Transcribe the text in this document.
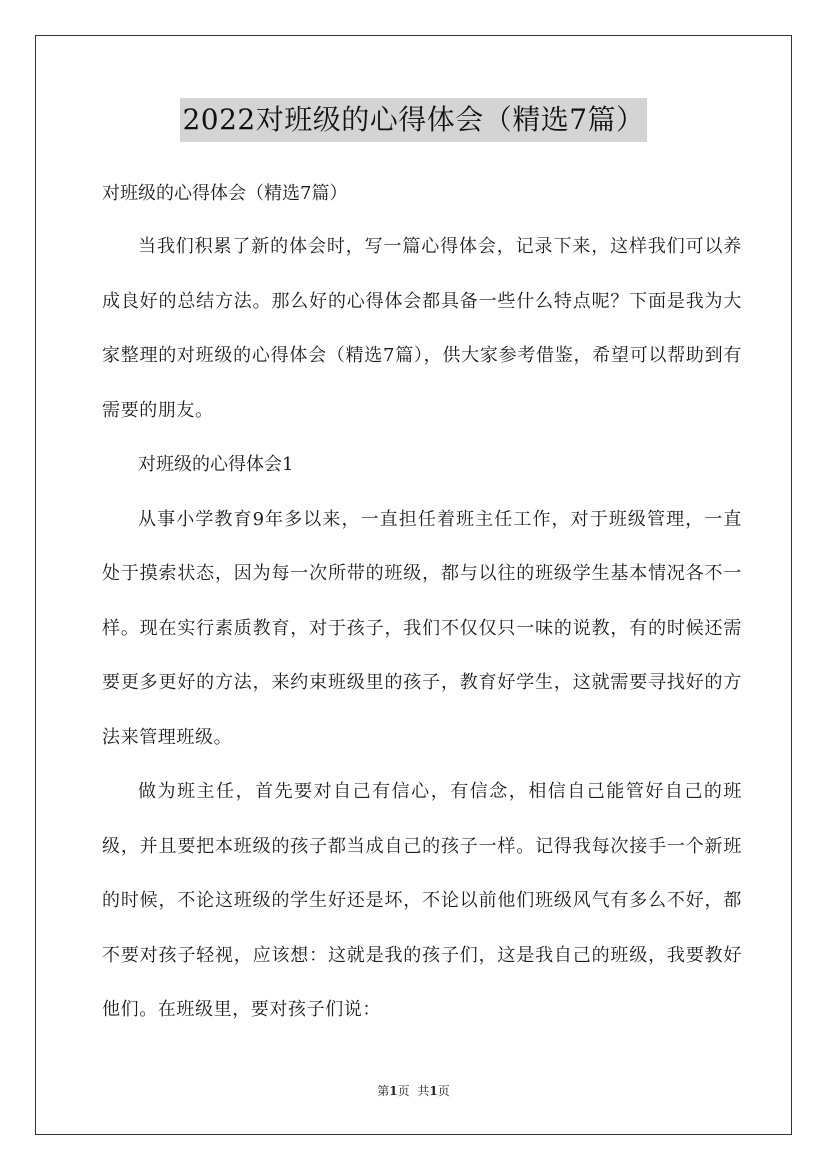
2022对班级的心得体会（精选7篇）

对班级的心得体会（精选7篇）

当我们积累了新的体会时，写一篇心得体会，记录下来，这样我们可以养成良好的总结方法。那么好的心得体会都具备一些什么特点呢？下面是我为大家整理的对班级的心得体会（精选7篇），供大家参考借鉴，希望可以帮助到有需要的朋友。

对班级的心得体会1

从事小学教育9年多以来，一直担任着班主任工作，对于班级管理，一直处于摸索状态，因为每一次所带的班级，都与以往的班级学生基本情况各不一样。现在实行素质教育，对于孩子，我们不仅仅只一味的说教，有的时候还需要更多更好的方法，来约束班级里的孩子，教育好学生，这就需要寻找好的方法来管理班级。

做为班主任，首先要对自己有信心，有信念，相信自己能管好自己的班级，并且要把本班级的孩子都当成自己的孩子一样。记得我每次接手一个新班的时候，不论这班级的学生好还是坏，不论以前他们班级风气有多么不好，都不要对孩子轻视，应该想：这就是我的孩子们，这是我自己的班级，我要教好他们。在班级里，要对孩子们说：

第1页 共1页
